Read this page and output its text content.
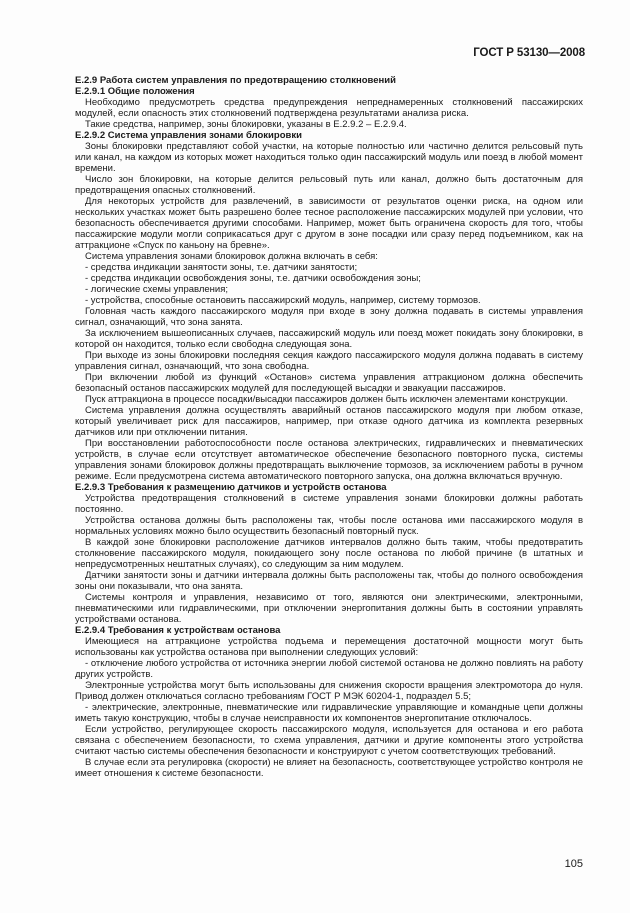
ГОСТ Р 53130—2008

E.2.9 Работа систем управления по предотвращению столкновений

E.2.9.1 Общие положения

Необходимо предусмотреть средства предупреждения непреднамеренных столкновений пассажирских модулей, если опасность этих столкновений подтверждена результатами анализа риска.

Такие средства, например, зоны блокировки, указаны в E.2.9.2 – E.2.9.4.

E.2.9.2 Система управления зонами блокировки

Зоны блокировки представляют собой участки, на которые полностью или частично делится рельсовый путь или канал, на каждом из которых может находиться только один пассажирский модуль или поезд в любой момент времени.

Число зон блокировки, на которые делится рельсовый путь или канал, должно быть достаточным для предотвращения опасных столкновений.

Для некоторых устройств для развлечений, в зависимости от результатов оценки риска, на одном или нескольких участках может быть разрешено более тесное расположение пассажирских модулей при условии, что безопасность обеспечивается другими способами. Например, может быть ограничена скорость для того, чтобы пассажирские модули могли соприкасаться друг с другом в зоне посадки или сразу перед подъемником, как на аттракционе «Спуск по каньону на бревне».

Система управления зонами блокировок должна включать в себя:

- средства индикации занятости зоны, т.е. датчики занятости;

- средства индикации освобождения зоны, т.е. датчики освобождения зоны;

- логические схемы управления;

- устройства, способные остановить пассажирский модуль, например, систему тормозов.

Головная часть каждого пассажирского модуля при входе в зону должна подавать в системы управления сигнал, означающий, что зона занята.

За исключением вышеописанных случаев, пассажирский модуль или поезд может покидать зону блокировки, в которой он находится, только если свободна следующая зона.

При выходе из зоны блокировки последняя секция каждого пассажирского модуля должна подавать в систему управления сигнал, означающий, что зона свободна.

При включении любой из функций «Останов» система управления аттракционом должна обеспечить безопасный останов пассажирских модулей для последующей высадки и эвакуации пассажиров.

Пуск аттракциона в процессе посадки/высадки пассажиров должен быть исключен элементами конструкции.

Система управления должна осуществлять аварийный останов пассажирского модуля при любом отказе, который увеличивает риск для пассажиров, например, при отказе одного датчика из комплекта резервных датчиков или при отключении питания.

При восстановлении работоспособности после останова электрических, гидравлических и пневматических устройств, в случае если отсутствует автоматическое обеспечение безопасного повторного пуска, системы управления зонами блокировок должны предотвращать выключение тормозов, за исключением работы в ручном режиме. Если предусмотрена система автоматического повторного запуска, она должна включаться вручную.

E.2.9.3 Требования к размещению датчиков и устройств останова

Устройства предотвращения столкновений в системе управления зонами блокировки должны работать постоянно.

Устройства останова должны быть расположены так, чтобы после останова ими пассажирского модуля в нормальных условиях можно было осуществить безопасный повторный пуск.

В каждой зоне блокировки расположение датчиков интервалов должно быть таким, чтобы предотвратить столкновение пассажирского модуля, покидающего зону после останова по любой причине (в штатных и непредусмотренных нештатных случаях), со следующим за ним модулем.

Датчики занятости зоны и датчики интервала должны быть расположены так, чтобы до полного освобождения зоны они показывали, что она занята.

Системы контроля и управления, независимо от того, являются они электрическими, электронными, пневматическими или гидравлическими, при отключении энергопитания должны быть в состоянии управлять устройствами останова.

E.2.9.4 Требования к устройствам останова

Имеющиеся на аттракционе устройства подъема и перемещения достаточной мощности могут быть использованы как устройства останова при выполнении следующих условий:

- отключение любого устройства от источника энергии любой системой останова не должно повлиять на работу других устройств.

Электронные устройства могут быть использованы для снижения скорости вращения электромотора до нуля. Привод должен отключаться согласно требованиям ГОСТ Р МЭК 60204-1, подраздел 5.5;

- электрические, электронные, пневматические или гидравлические управляющие и командные цепи должны иметь такую конструкцию, чтобы в случае неисправности их компонентов энергопитание отключалось.

Если устройство, регулирующее скорость пассажирского модуля, используется для останова и его работа связана с обеспечением безопасности, то схема управления, датчики и другие компоненты этого устройства считают частью системы обеспечения безопасности и конструируют с учетом соответствующих требований.

В случае если эта регулировка (скорости) не влияет на безопасность, соответствующее устройство контроля не имеет отношения к системе безопасности.

105
